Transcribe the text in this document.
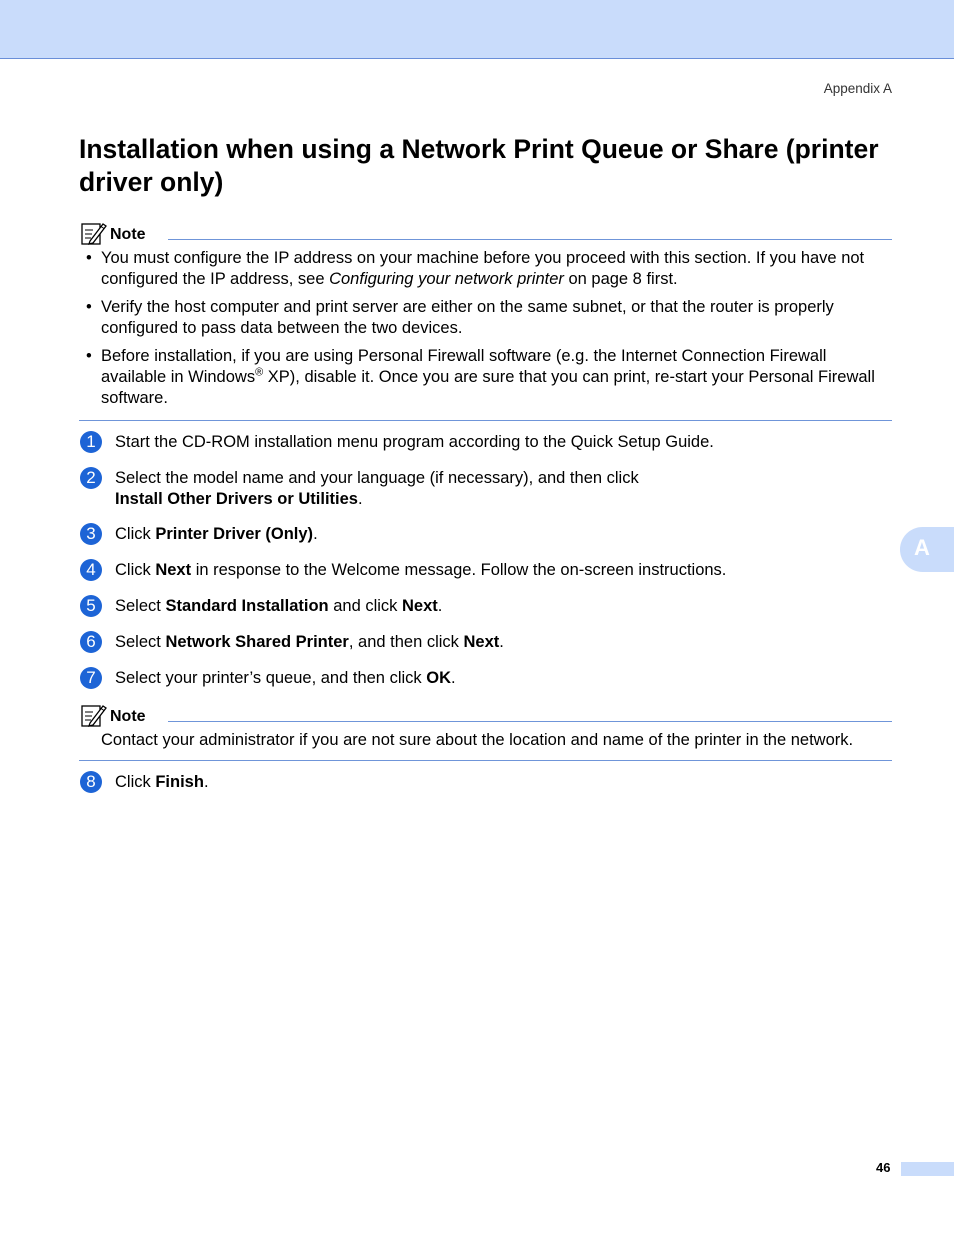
Appendix A
Installation when using a Network Print Queue or Share (printer driver only)
Note
• You must configure the IP address on your machine before you proceed with this section. If you have not configured the IP address, see Configuring your network printer on page 8 first.
• Verify the host computer and print server are either on the same subnet, or that the router is properly configured to pass data between the two devices.
• Before installation, if you are using Personal Firewall software (e.g. the Internet Connection Firewall available in Windows® XP), disable it. Once you are sure that you can print, re-start your Personal Firewall software.
1	Start the CD-ROM installation menu program according to the Quick Setup Guide.
2	Select the model name and your language (if necessary), and then click
Install Other Drivers or Utilities.
3	Click Printer Driver (Only).
4	Click Next in response to the Welcome message. Follow the on-screen instructions.
5	Select Standard Installation and click Next.
6	Select Network Shared Printer, and then click Next.
7	Select your printer’s queue, and then click OK.
Note
Contact your administrator if you are not sure about the location and name of the printer in the network.
8	Click Finish.
A
46
